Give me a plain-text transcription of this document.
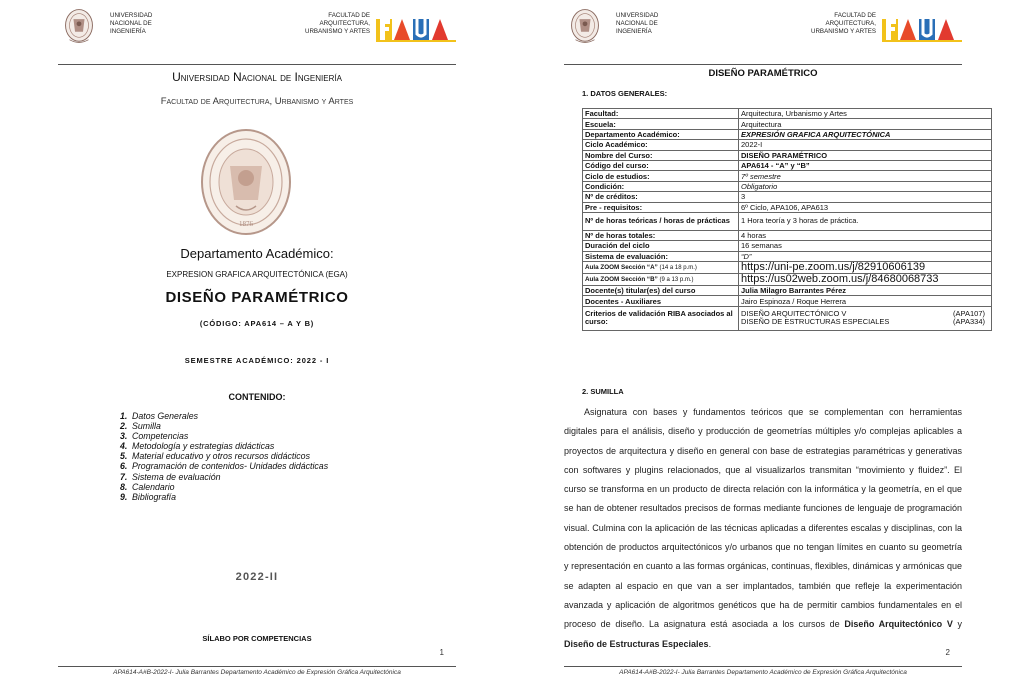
UNIVERSIDAD
NACIONAL DE
INGENIERÍA
FACULTAD DE
ARQUITECTURA,
URBANISMO Y ARTES
Universidad Nacional de Ingeniería
Facultad de Arquitectura, Urbanismo y Artes
1876
Departamento Académico:
EXPRESION GRAFICA ARQUITECTÓNICA (EGA)
DISEÑO PARAMÉTRICO
(CÓDIGO: APA614 – A Y B)
SEMESTRE ACADÉMICO: 2022 - I
CONTENIDO:
1. Datos Generales
2. Sumilla
3. Competencias
4. Metodología y estrategias didácticas
5. Material educativo y otros recursos didácticos
6. Programación de contenidos- Unidades didácticas
7. Sistema de evaluación
8. Calendario
9. Bibliografía
2022-II
SÍLABO POR COMPETENCIAS
1
APA614-A#B-2022-I- Julia Barrantes Departamento Académico de Expresión Gráfica Arquitectónica
UNIVERSIDAD
NACIONAL DE
INGENIERÍA
FACULTAD DE
ARQUITECTURA,
URBANISMO Y ARTES
DISEÑO PARAMÉTRICO
1. DATOS GENERALES:
Facultad:	Arquitectura, Urbanismo y Artes
Escuela:	Arquitectura
Departamento Académico:	EXPRESIÓN GRAFICA ARQUITECTÓNICA
Ciclo Académico:	2022-I
Nombre del Curso:	DISEÑO PARAMÉTRICO
Código del curso:	APA614 - “A” y “B”
Ciclo de estudios:	7º semestre
Condición:	Obligatorio
Nº de créditos:	3
Pre - requisitos:	6º Ciclo, APA106, APA613
Nº de horas teóricas / horas de prácticas	1 Hora teoría y 3 horas de práctica.
Nº de horas totales:	4 horas
Duración del ciclo	16 semanas
Sistema de evaluación:	“D”
Aula ZOOM Sección “A” (14 a 18 p.m.)	https://uni-pe.zoom.us/j/82910606139
Aula ZOOM Sección “B” (9 a 13 p.m.)	https://us02web.zoom.us/j/84680068733
Docente(s) titular(es) del curso	Julia Milagro Barrantes Pérez
Docentes - Auxiliares	Jairo Espinoza / Roque Herrera
Criterios de validación RIBA asociados al curso:	DISEÑO ARQUITECTÓNICO V (APA107)
DISEÑO DE ESTRUCTURAS ESPECIALES (APA334)
2. SUMILLA

Asignatura con bases y fundamentos teóricos que se complementan con herramientas digitales para el análisis, diseño y producción de geometrías múltiples y/o complejas aplicables a proyectos de arquitectura y diseño en general con base de estrategias paramétricas y generativas con softwares y plugins relacionados, que al visualizarlos transmitan “movimiento y fluidez”. El curso se transforma en un producto de directa relación con la informática y la geometría, en el que se han de obtener resultados precisos de formas mediante funciones de lenguaje de programación visual. Culmina con la aplicación de las técnicas aplicadas a diferentes escalas y disciplinas, con la obtención de productos arquitectónicos y/o urbanos que no tengan límites en cuanto su geometría y representación en cuanto a las formas orgánicas, continuas, flexibles, dinámicas y armónicas que se adapten al espacio en que van a ser implantados, también que refleje la experimentación avanzada y aplicación de algoritmos genéticos que ha de permitir cambios fundamentales en el proceso de diseño. La asignatura está asociada a los cursos de Diseño Arquitectónico V y Diseño de Estructuras Especiales.

2
APA614-A#B-2022-I- Julia Barrantes Departamento Académico de Expresión Gráfica Arquitectónica
